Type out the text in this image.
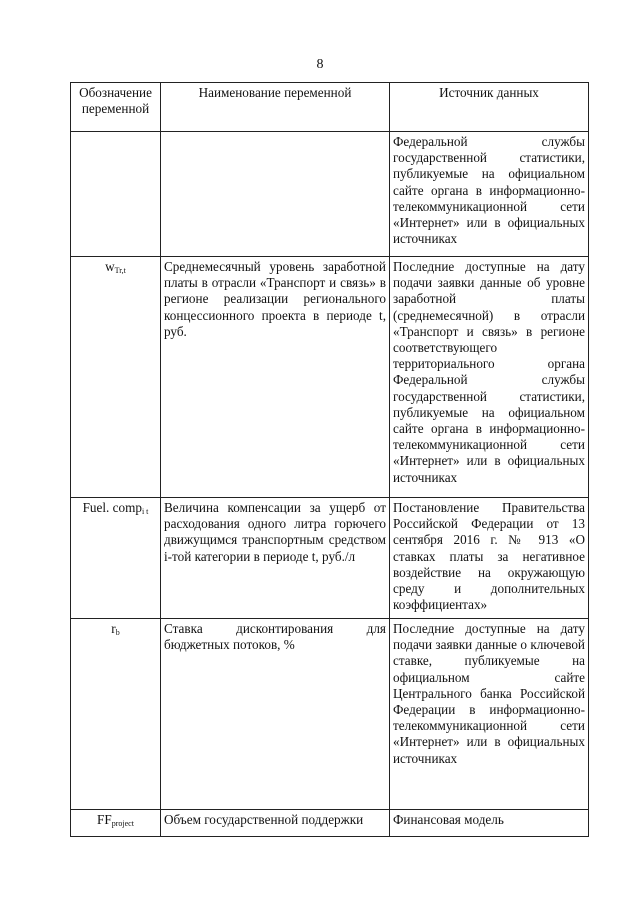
8
Обозначение переменной	Наименование переменной	Источник данных
		Федеральной службы государственной статистики, публикуемые на официальном сайте органа в информационно-телекоммуникационной сети «Интернет» или в официальных источниках
$w_{Tr,t}$	Среднемесячный уровень заработной платы в отрасли «Транспорт и связь» в регионе реализации регионального концессионного проекта в периоде t, руб.	Последние доступные на дату подачи заявки данные об уровне заработной платы (среднемесячной) в отрасли «Транспорт и связь» в регионе соответствующего территориального органа Федеральной службы государственной статистики, публикуемые на официальном сайте органа в информационно-телекоммуникационной сети «Интернет» или в официальных источниках
Fuel. comp$_{i t}$	Величина компенсации за ущерб от расходования одного литра горючего движущимся транспортным средством i-той категории в периоде t, руб./л	Постановление Правительства Российской Федерации от 13 сентября 2016 г. № 913 «О ставках платы за негативное воздействие на окружающую среду и дополнительных коэффициентах»
$r_b$	Ставка дисконтирования для бюджетных потоков, %	Последние доступные на дату подачи заявки данные о ключевой ставке, публикуемые на официальном сайте Центрального банка Российской Федерации в информационно-телекоммуникационной сети «Интернет» или в официальных источниках
$FF_{project}$	Объем государственной поддержки	Финансовая модель
